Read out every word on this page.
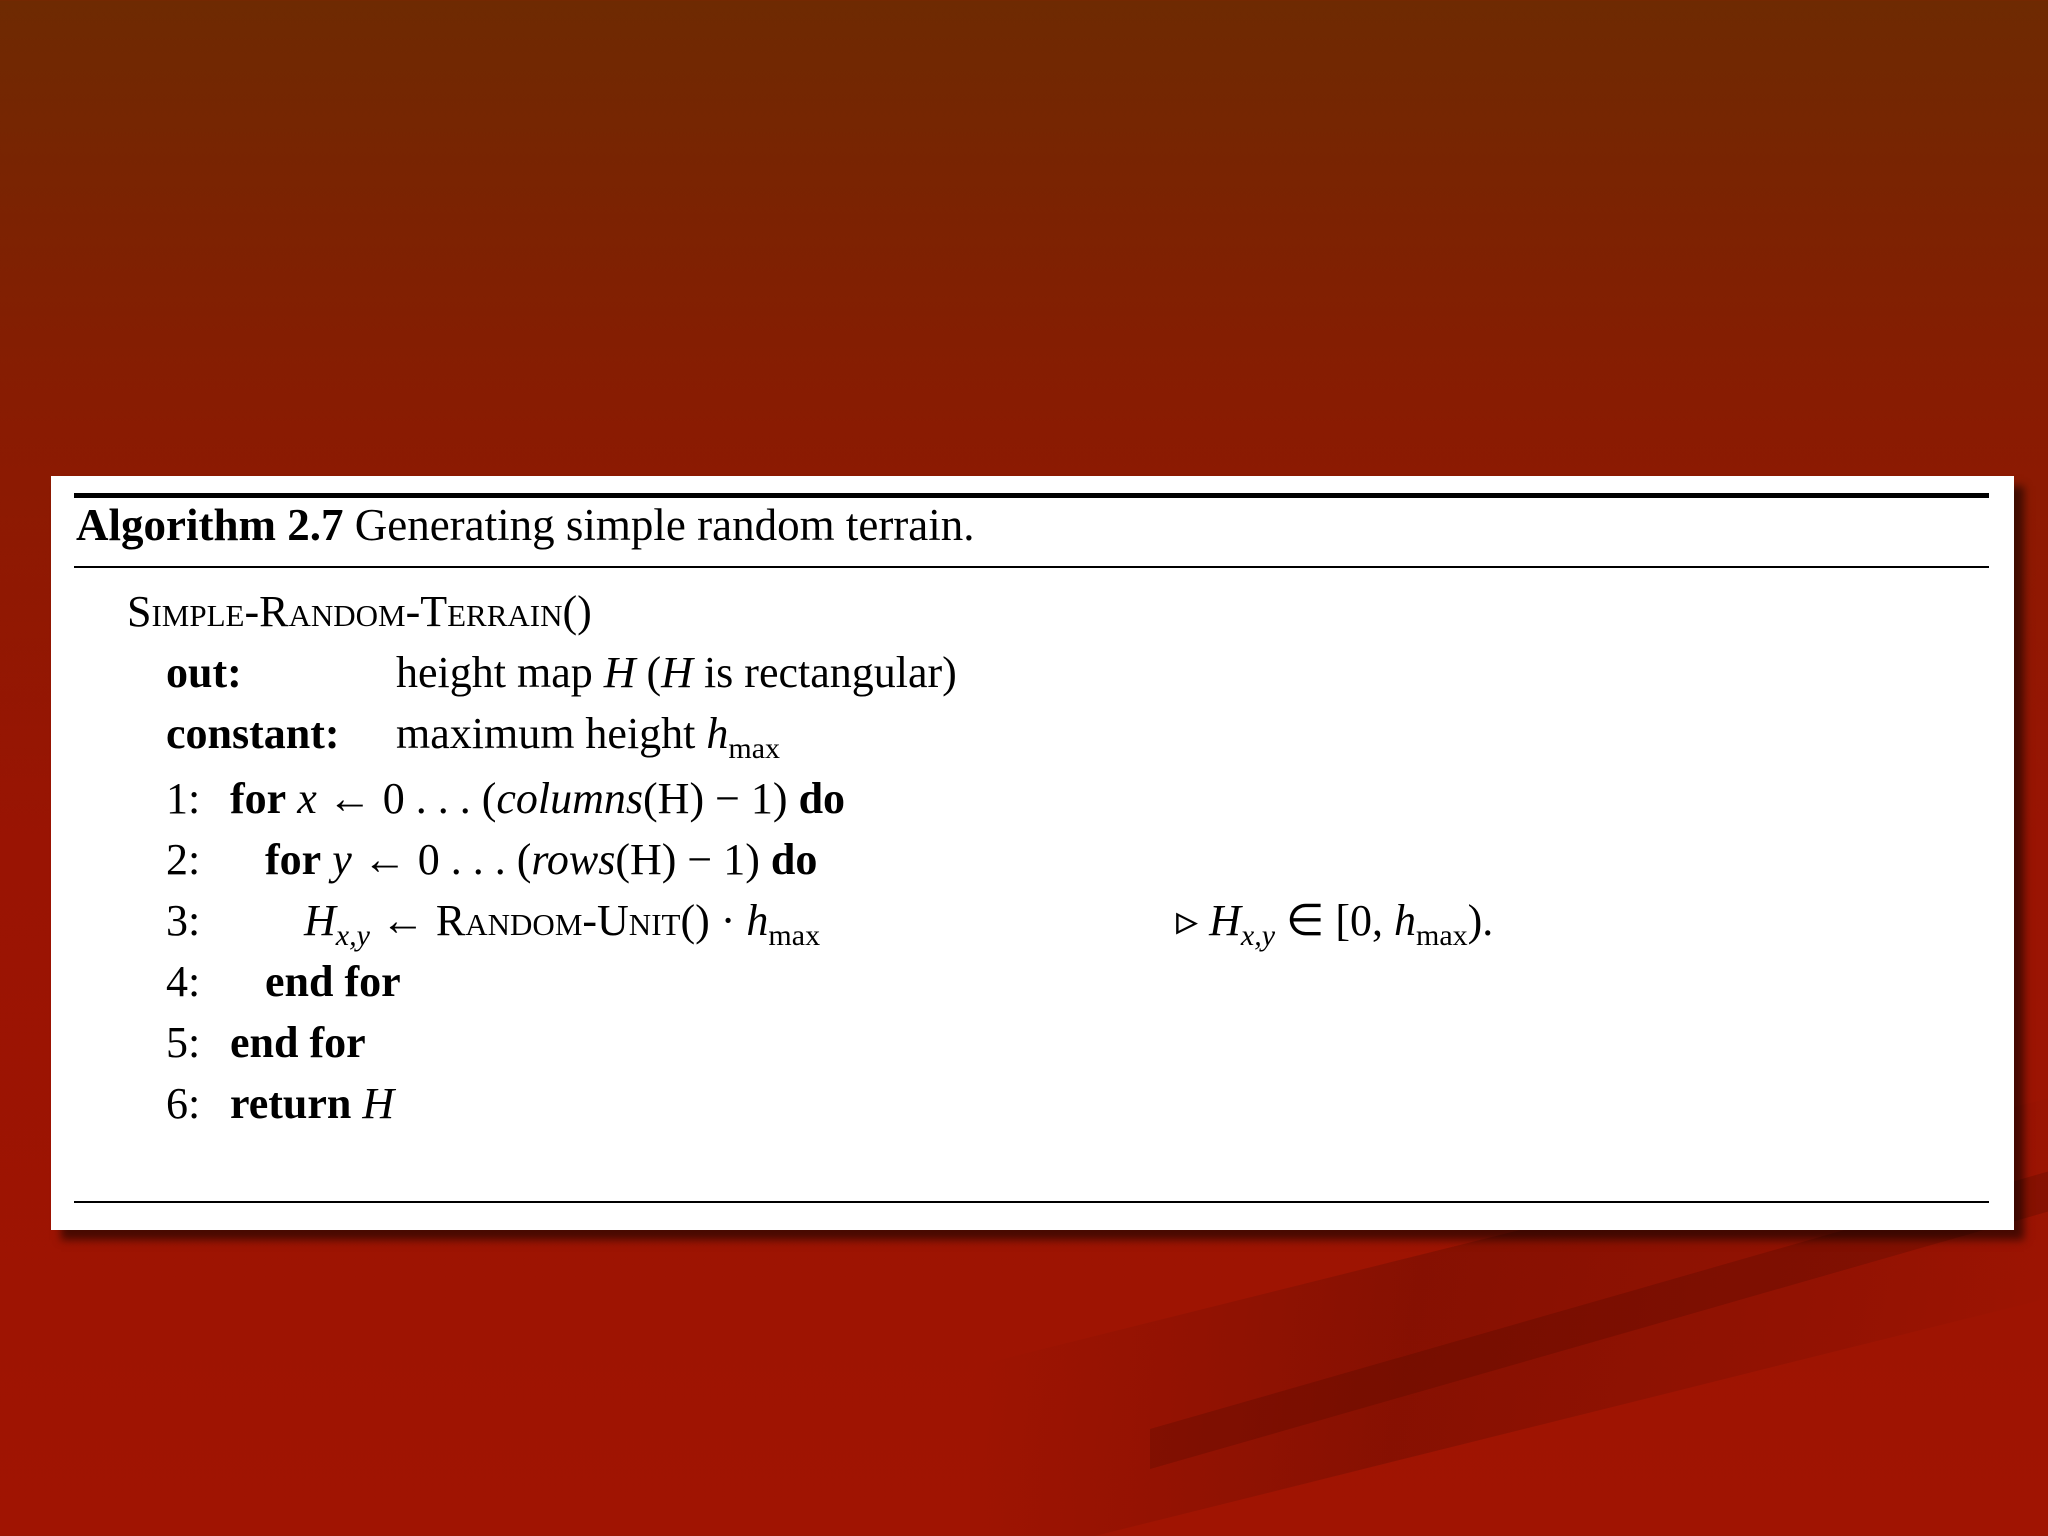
Algorithm 2.7 Generating simple random terrain.
Simple-Random-Terrain()
out:	height map H (H is rectangular)
constant: maximum height $h_{max}$
1: for x ← 0 . . . (columns(H) − 1) do
2: for y ← 0 . . . (rows(H) − 1) do
3: $H_{x,y}$ ← Random-Unit() · $h_{max}$	▹ $H_{x,y}$ ∈ [0, $h_{max}$).
4: end for
5: end for
6: return H
